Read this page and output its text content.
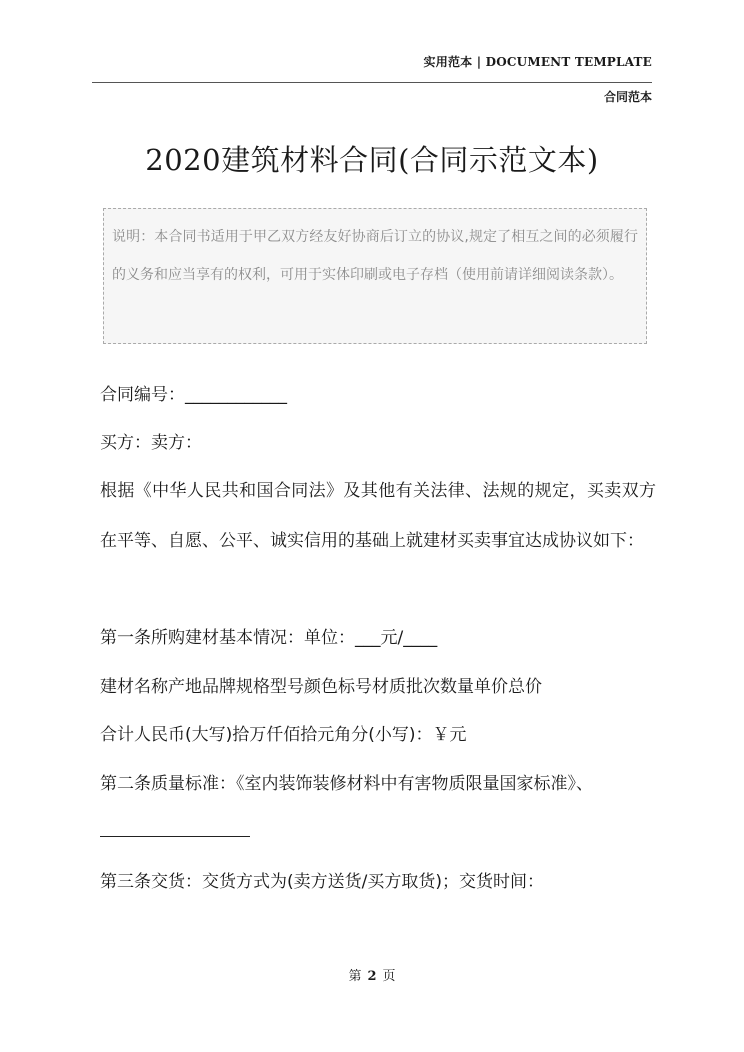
实用范本 | DOCUMENT TEMPLATE
合同范本
2020建筑材料合同(合同示范文本)

说明：本合同书适用于甲乙双方经友好协商后订立的协议,规定了相互之间的必须履行的义务和应当享有的权利，可用于实体印刷或电子存档（使用前请详细阅读条款）。

合同编号：____________

买方：卖方：

根据《中华人民共和国合同法》及其他有关法律、法规的规定，买卖双方在平等、自愿、公平、诚实信用的基础上就建材买卖事宜达成协议如下：

第一条所购建材基本情况：单位：___元/____

建材名称产地品牌规格型号颜色标号材质批次数量单价总价

合计人民币(大写)拾万仟佰拾元角分(小写)：￥元

第二条质量标准：《室内装饰装修材料中有害物质限量国家标准》、

第三条交货：交货方式为(卖方送货/买方取货)；交货时间：

第 2 页
